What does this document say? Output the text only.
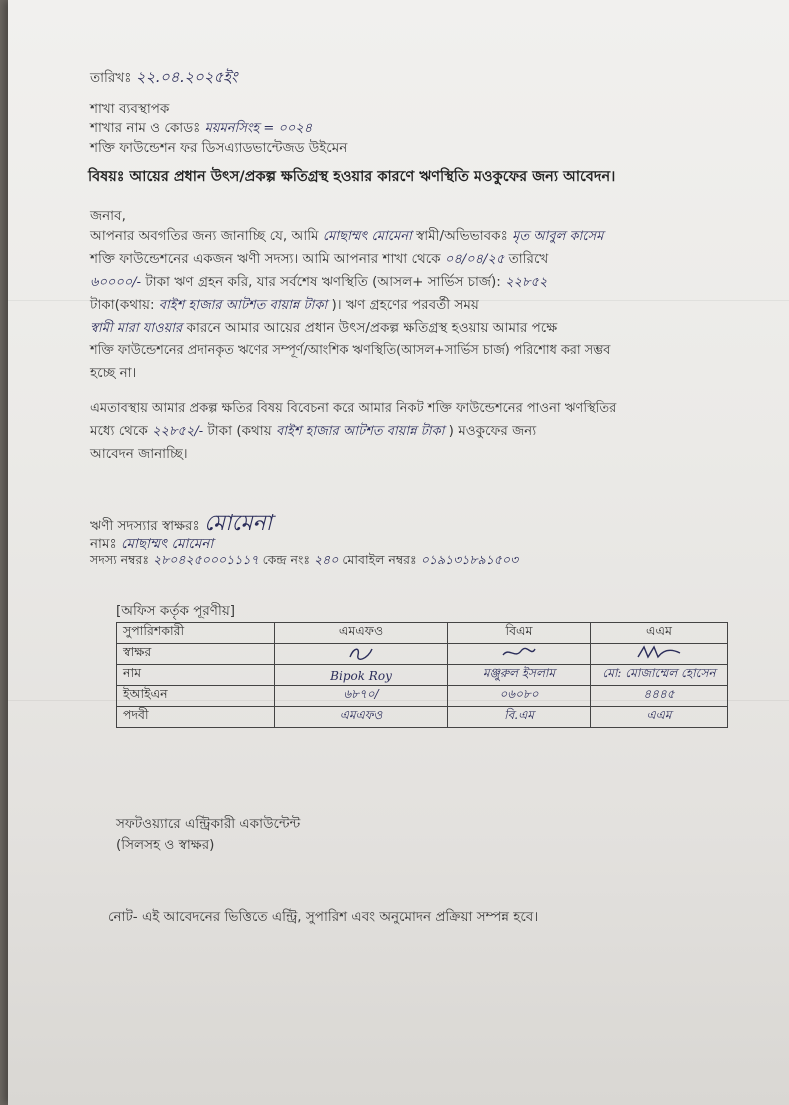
তারিখঃ ২২.০৪.২০২৫ইং
শাখা ব্যবস্থাপক
শাখার নাম ও কোডঃ ময়মনসিংহ = ০০২৪
শক্তি ফাউন্ডেশন ফর ডিসএ্যাডভান্টেজড উইমেন
বিষয়ঃ আয়ের প্রধান উৎস/প্রকল্প ক্ষতিগ্রস্থ হওয়ার কারণে ঋণস্থিতি মওকুফের জন্য আবেদন।
জনাব,
আপনার অবগতির জন্য জানাচ্ছি যে, আমি মোছাম্মৎ মোমেনা স্বামী/অভিভাবকঃ মৃত আবুল কাসেম
শক্তি ফাউন্ডেশনের একজন ঋণী সদস্য। আমি আপনার শাখা থেকে ০৪/০৪/২৫ তারিখে
৬০০০০/- টাকা ঋণ গ্রহন করি, যার সর্বশেষ ঋণস্থিতি (আসল+ সার্ভিস চার্জ): ২২৮৫২
টাকা(কথায়: বাইশ হাজার আটশত বায়ান্ন টাকা )। ঋণ গ্রহণের পরবর্তী সময়
স্বামী মারা যাওয়ার কারনে আমার আয়ের প্রধান উৎস/প্রকল্প ক্ষতিগ্রস্থ হওয়ায় আমার পক্ষে
শক্তি ফাউন্ডেশনের প্রদানকৃত ঋণের সম্পূর্ণ/আংশিক ঋণস্থিতি(আসল+সার্ভিস চার্জ) পরিশোধ করা সম্ভব
হচ্ছে না।
এমতাবস্থায় আমার প্রকল্প ক্ষতির বিষয় বিবেচনা করে আমার নিকট শক্তি ফাউন্ডেশনের পাওনা ঋণস্থিতির
মধ্যে থেকে ২২৮৫২/- টাকা (কথায় বাইশ হাজার আটশত বায়ান্ন টাকা ) মওকুফের জন্য
আবেদন জানাচ্ছি।
ঋণী সদস্যার স্বাক্ষরঃ মোমেনা
নামঃ মোছাম্মৎ মোমেনা
সদস্য নম্বরঃ ২৮০৪২৫০০০১১১৭ কেন্দ্র নংঃ ২৪০ মোবাইল নম্বরঃ ০১৯১৩১৮৯১৫০৩
[অফিস কর্তৃক পূরণীয়]
সুপারিশকারী	এমএফও	বিএম	এএম
স্বাক্ষর			
নাম	Bipok Roy	মঞ্জুরুল ইসলাম	মো: মোজাম্মেল হোসেন
ইআইএন	৬৮৭০/	০৬০৮০	৪৪৪৫
পদবী	এমএফও	বি.এম	এএম
সফটওয়্যারে এন্ট্রিকারী একাউন্টেন্ট
(সিলসহ ও স্বাক্ষর)
নোট- এই আবেদনের ভিত্তিতে এন্ট্রি, সুপারিশ এবং অনুমোদন প্রক্রিয়া সম্পন্ন হবে।
